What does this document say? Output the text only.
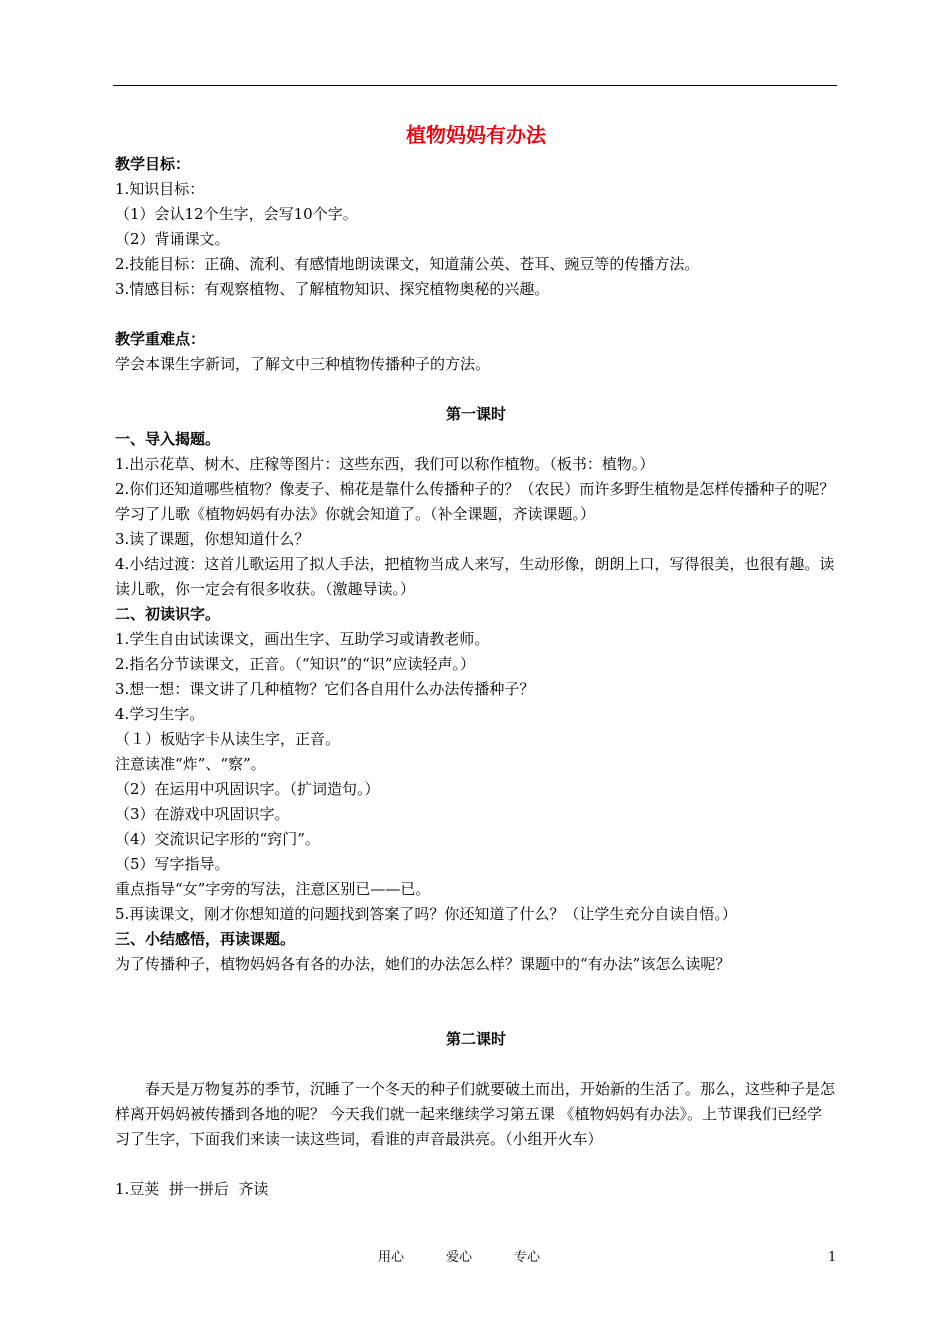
植物妈妈有办法
教学目标：
1.知识目标：
（1）会认12个生字，会写10个字。
（2）背诵课文。
2.技能目标：正确、流利、有感情地朗读课文，知道蒲公英、苍耳、豌豆等的传播方法。
3.情感目标：有观察植物、了解植物知识、探究植物奥秘的兴趣。
教学重难点：
学会本课生字新词，了解文中三种植物传播种子的方法。
第一课时
一、导入揭题。
1.出示花草、树木、庄稼等图片：这些东西，我们可以称作植物。（板书：植物。）
2.你们还知道哪些植物？像麦子、棉花是靠什么传播种子的？（农民）而许多野生植物是怎样传播种子的呢？学习了儿歌《植物妈妈有办法》你就会知道了。（补全课题，齐读课题。）
3.读了课题，你想知道什么？
4.小结过渡：这首儿歌运用了拟人手法，把植物当成人来写，生动形像，朗朗上口，写得很美，也很有趣。读读儿歌，你一定会有很多收获。（激趣导读。）
二、初读识字。
1.学生自由试读课文，画出生字、互助学习或请教老师。
2.指名分节读课文，正音。（“知识”的“识”应读轻声。）
3.想一想：课文讲了几种植物？它们各自用什么办法传播种子？
4.学习生字。
（１）板贴字卡从读生字，正音。
注意读准“炸”、“察”。
（2）在运用中巩固识字。（扩词造句。）
（3）在游戏中巩固识字。
（4）交流识记字形的“窍门”。
（5）写字指导。
重点指导“女”字旁的写法，注意区别已——已。
5.再读课文，刚才你想知道的问题找到答案了吗？你还知道了什么？（让学生充分自读自悟。）
三、小结感悟，再读课题。
为了传播种子，植物妈妈各有各的办法，她们的办法怎么样？课题中的“有办法”该怎么读呢？
第二课时
春天是万物复苏的季节，沉睡了一个冬天的种子们就要破土而出，开始新的生活了。那么，这些种子是怎样离开妈妈被传播到各地的呢？ 今天我们就一起来继续学习第五课 《植物妈妈有办法》。上节课我们已经学习了生字，下面我们来读一读这些词，看谁的声音最洪亮。（小组开火车）
1.豆荚  拼一拼后  齐读
用心	爱心	专心	1
